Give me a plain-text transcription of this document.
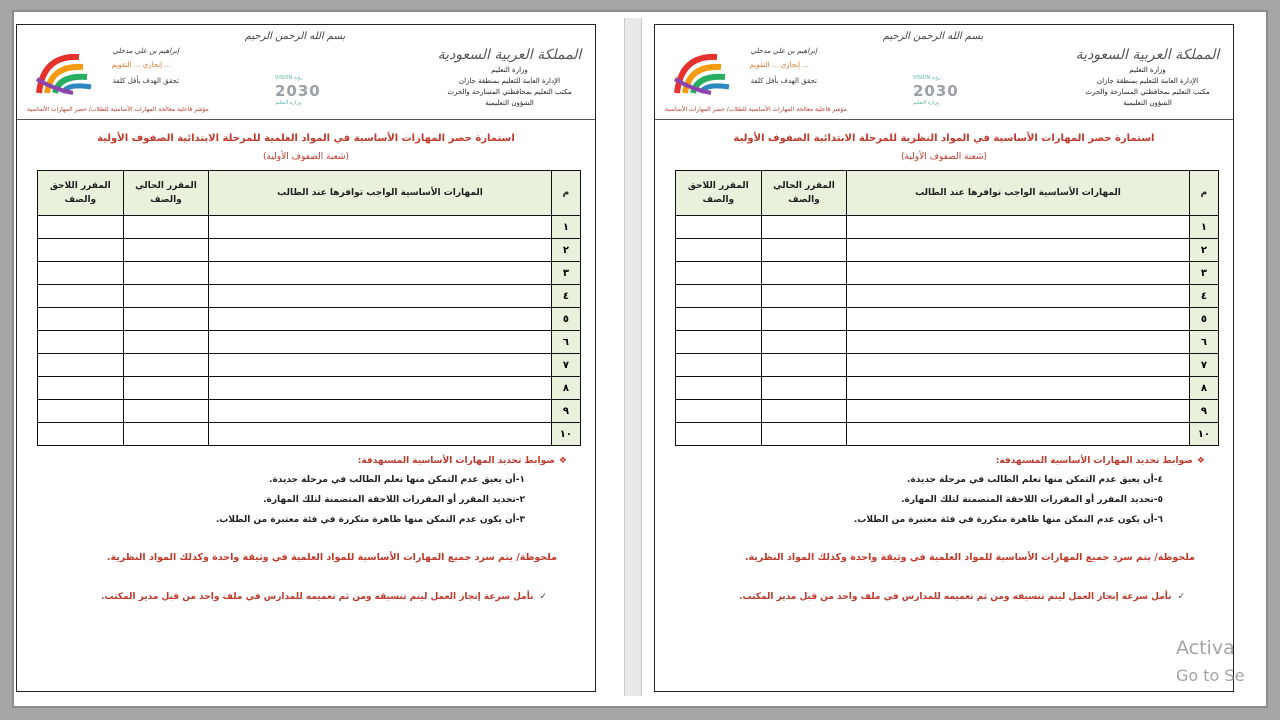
المملكة العربية السعودية
وزارة التعليم
الإدارة العامة للتعليم بمنطقة جازان
مكتب التعليم بمحافظتي المسارحة والحرث
الشؤون التعليمية
بسم الله الرحمن الرحيم
VISION رؤية
2030
وزارة التعليم
إبراهيم بن علي مدخلي
إنجازي ... التقويم ...
تحقق الهدف بأقل كلفة
مؤشر فاعلية معالجة المهارات الأساسية للطلاب/ حصر المهارات الأساسية
استمارة حصر المهارات الأساسية في المواد العلمية للمرحلة الابتدائية الصفوف الأولية
(شعبة الصفوف الأولية)
م	المهارات الأساسية الواجب توافرها عند الطالب	المقرر الحالي والصف	المقرر اللاحق والصف
١			
٢			
٣			
٤			
٥			
٦			
٧			
٨			
٩			
١٠			
❖ضوابط تحديد المهارات الأساسية المستهدفة:
١-أن يعيق عدم التمكن منها تعلم الطالب في مرحلة جديدة.
٢-تحديد المقرر أو المقررات اللاحقة المتضمنة لتلك المهارة.
٣-أن يكون عدم التمكن منها ظاهرة متكررة في فئة معتبرة من الطلاب.
ملحوظة/ يتم سرد جميع المهارات الأساسية للمواد العلمية في وثيقة واحدة وكذلك المواد النظرية.
✓نأمل سرعة إنجاز العمل ليتم تنسيقه ومن ثم تعميمه للمدارس في ملف واحد من قبل مدير المكتب.
المملكة العربية السعودية
وزارة التعليم
الإدارة العامة للتعليم بمنطقة جازان
مكتب التعليم بمحافظتي المسارحة والحرث
الشؤون التعليمية
بسم الله الرحمن الرحيم
VISION رؤية
2030
وزارة التعليم
إبراهيم بن علي مدخلي
إنجازي ... التقويم ...
تحقق الهدف بأقل كلفة
مؤشر فاعلية معالجة المهارات الأساسية للطلاب/ حصر المهارات الأساسية
استمارة حصر المهارات الأساسية في المواد النظرية للمرحلة الابتدائية الصفوف الأولية
(شعبة الصفوف الأولية)
م	المهارات الأساسية الواجب توافرها عند الطالب	المقرر الحالي والصف	المقرر اللاحق والصف
١			
٢			
٣			
٤			
٥			
٦			
٧			
٨			
٩			
١٠			
❖ضوابط تحديد المهارات الأساسية المستهدفة:
٤-أن يعيق عدم التمكن منها تعلم الطالب في مرحلة جديدة.
٥-تحديد المقرر أو المقررات اللاحقة المتضمنة لتلك المهارة.
٦-أن يكون عدم التمكن منها ظاهرة متكررة في فئة معتبرة من الطلاب.
ملحوظة/ يتم سرد جميع المهارات الأساسية للمواد العلمية في وثيقة واحدة وكذلك المواد النظرية.
✓نأمل سرعة إنجاز العمل ليتم تنسيقه ومن ثم تعميمه للمدارس في ملف واحد من قبل مدير المكتب.
Activa
Go to Se
